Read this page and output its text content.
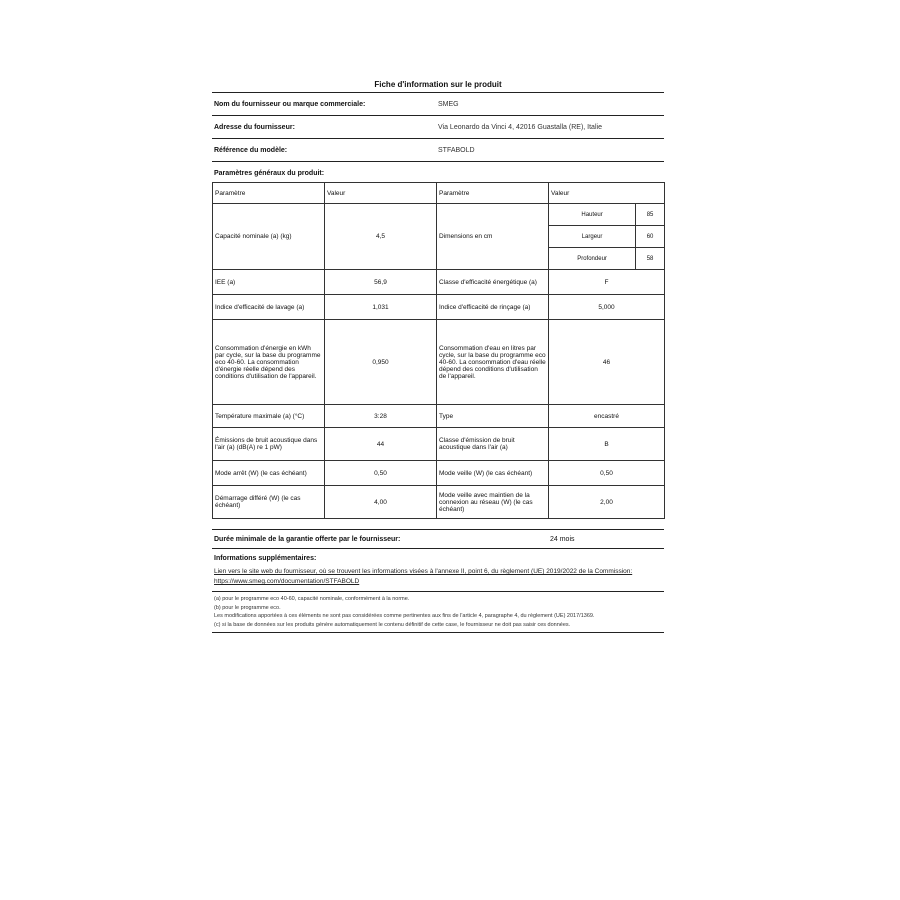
Fiche d'information sur le produit
Nom du fournisseur ou marque commerciale:	SMEG
Adresse du fournisseur:	Via Leonardo da Vinci 4, 42016 Guastalla (RE), Italie
Référence du modèle:	STFABOLD
Paramètres généraux du produit:
Paramètre	Valeur	Paramètre	Valeur
Capacité nominale (a) (kg)	4,5	Dimensions en cm	
Hauteur	85
Largeur	60
Profondeur	58

IEE (a)	56,9	Classe d'efficacité énergétique (a)	F
Indice d'efficacité de lavage (a)	1,031	Indice d'efficacité de rinçage (a)	5,000
Consommation d'énergie en kWh par cycle, sur la base du programme eco 40-60. La consommation d'énergie réelle dépend des conditions d'utilisation de l'appareil.	0,950	Consommation d'eau en litres par cycle, sur la base du programme eco 40-60. La consommation d'eau réelle dépend des conditions d'utilisation de l'appareil.	46
Température maximale (a) (°C)	3:28	Type	encastré
Émissions de bruit acoustique dans l'air (a) (dB(A) re 1 pW)	44	Classe d'émission de bruit acoustique dans l'air (a)	B
Mode arrêt (W) (le cas échéant)	0,50	Mode veille (W) (le cas échéant)	0,50
Démarrage différé (W) (le cas échéant)	4,00	Mode veille avec maintien de la connexion au réseau (W) (le cas échéant)	2,00
Durée minimale de la garantie offerte par le fournisseur:	24 mois
Informations supplémentaires:
Lien vers le site web du fournisseur, où se trouvent les informations visées à l'annexe II, point 6, du règlement (UE) 2019/2022 de la Commission: https://www.smeg.com/documentation/STFABOLD
(a) pour le programme eco 40-60, capacité nominale, conformément à la norme.
(b) pour le programme eco.
Les modifications apportées à ces éléments ne sont pas considérées comme pertinentes aux fins de l'article 4, paragraphe 4, du règlement (UE) 2017/1369.
(c) si la base de données sur les produits génère automatiquement le contenu définitif de cette case, le fournisseur ne doit pas saisir ces données.
